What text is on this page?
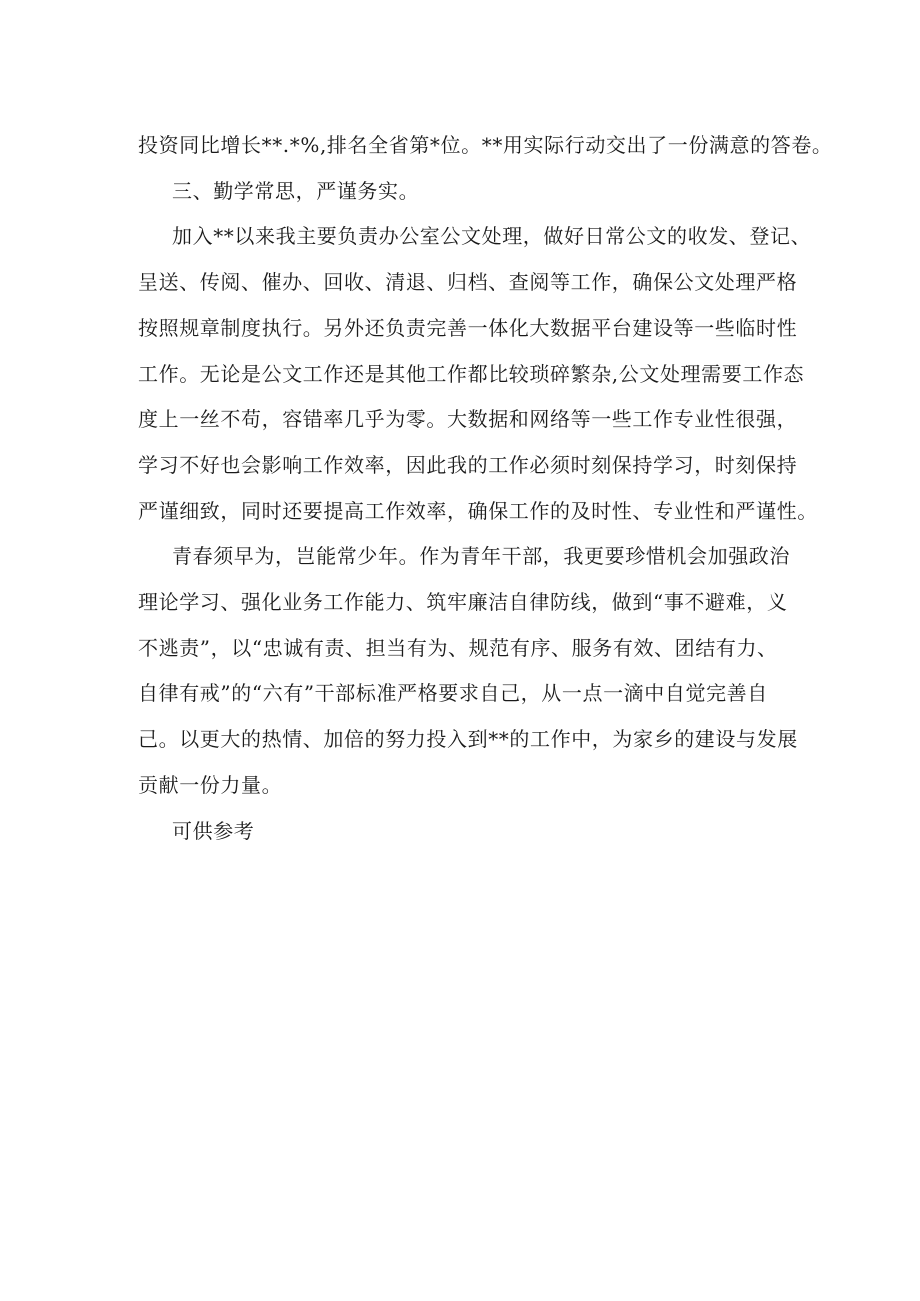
投资同比增长**.*%,排名全省第*位。**用实际行动交出了一份满意的答卷。

三、勤学常思，严谨务实。

加入**以来我主要负责办公室公文处理，做好日常公文的收发、登记、
呈送、传阅、催办、回收、清退、归档、查阅等工作，确保公文处理严格
按照规章制度执行。另外还负责完善一体化大数据平台建设等一些临时性
工作。无论是公文工作还是其他工作都比较琐碎繁杂,公文处理需要工作态
度上一丝不苟，容错率几乎为零。大数据和网络等一些工作专业性很强，
学习不好也会影响工作效率，因此我的工作必须时刻保持学习，时刻保持
严谨细致，同时还要提高工作效率，确保工作的及时性、专业性和严谨性。

青春须早为，岂能常少年。作为青年干部，我更要珍惜机会加强政治
理论学习、强化业务工作能力、筑牢廉洁自律防线，做到“事不避难，义
不逃责”，以“忠诚有责、担当有为、规范有序、服务有效、团结有力、
自律有戒”的“六有”干部标准严格要求自己，从一点一滴中自觉完善自
己。以更大的热情、加倍的努力投入到**的工作中，为家乡的建设与发展
贡献一份力量。

可供参考
